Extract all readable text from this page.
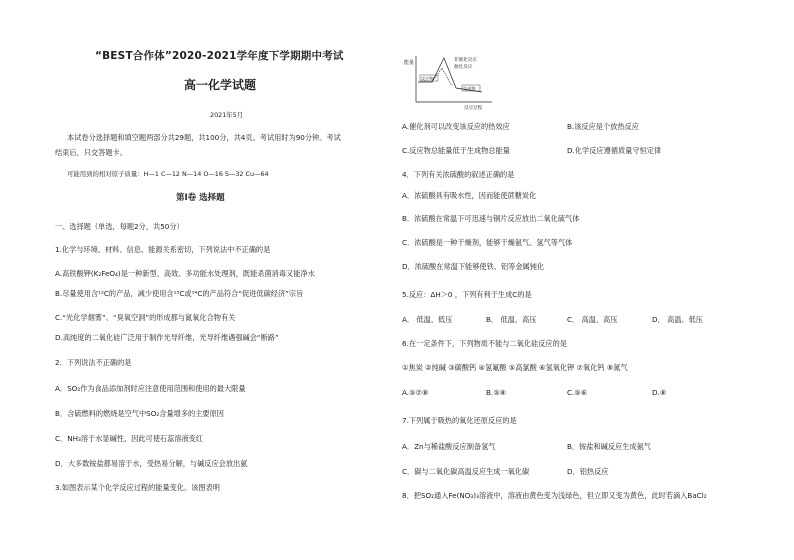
“BEST合作体”2020-2021学年度下学期期中考试
高一化学试题
2021年5月
本试卷分选择题和填空题两部分共29题，共100分，共4页。考试用时为90分钟。考试
结束后，只交答题卡。
可能用到的相对原子质量：H—1 C—12 N—14 O—16 S—32 Cu—64
第Ⅰ卷 选择题
一、选择题（单选，每题2分，共50分）
1.化学与环境、材料、信息、能源关系密切，下列说法中不正确的是
A.高铁酸钾(K₂FeO₄)是一种新型、高效、多功能水处理剂，既能杀菌消毒又能净水
B.尽量使用含¹²C的产品，减少使用含¹³C或¹⁴C的产品符合“促进低碳经济”宗旨
C.“光化学烟雾”、“臭氧空洞”的形成都与氮氧化合物有关
D.高纯度的二氧化硅广泛用于制作光导纤维，光导纤维遇强碱会“断路”
2．下列说法不正确的是
A．SO₂作为食品添加剂时应注意使用范围和使用的最大限量
B．含硫燃料的燃烧是空气中SO₂含量增多的主要原因
C．NH₃溶于水显碱性，因此可使石蕊溶液变红
D．大多数铵盐都易溶于水，受热易分解，与碱反应会放出氨
3.如图表示某个化学反应过程的能量变化。该图表明
能量	非催化反应
催化反应
反应物
生成物
反应过程
A.催化剂可以改变该反应的热效应	B.该反应是个放热反应
C.反应物总能量低于生成物总能量	D.化学反应遵循质量守恒定律
4．下列有关浓硫酸的叙述正确的是
A．浓硫酸具有吸水性，因而能使蔗糖炭化
B．浓硫酸在常温下可迅速与铜片反应放出二氧化硫气体
C．浓硫酸是一种干燥剂，能够干燥氨气、氢气等气体
D．浓硫酸在常温下能够使铁、铝等金属钝化
5.反应：ΔH＞0 ，下列有利于生成C的是
A． 低温、低压	B． 低温、高压	C． 高温、高压	D． 高温、低压
6.在一定条件下，下列物质不能与二氧化硅反应的是
①焦炭 ②纯碱 ③碳酸钙 ④氢氟酸 ⑤高氯酸 ⑥氢氧化钾 ⑦氧化钙 ⑧氮气
A.⑤⑦⑧	B.⑤⑧	C.⑤⑥	D.⑧
7.下列属于吸热的氧化还原反应的是
A．Zn与稀盐酸反应制备氢气	B．铵盐和碱反应生成氨气
C．碳与二氧化碳高温反应生成一氧化碳	D．铝热反应
8．把SO₂通入Fe(NO₃)₃溶液中，溶液由黄色变为浅绿色，但立即又变为黄色，此时若滴入BaCl₂
